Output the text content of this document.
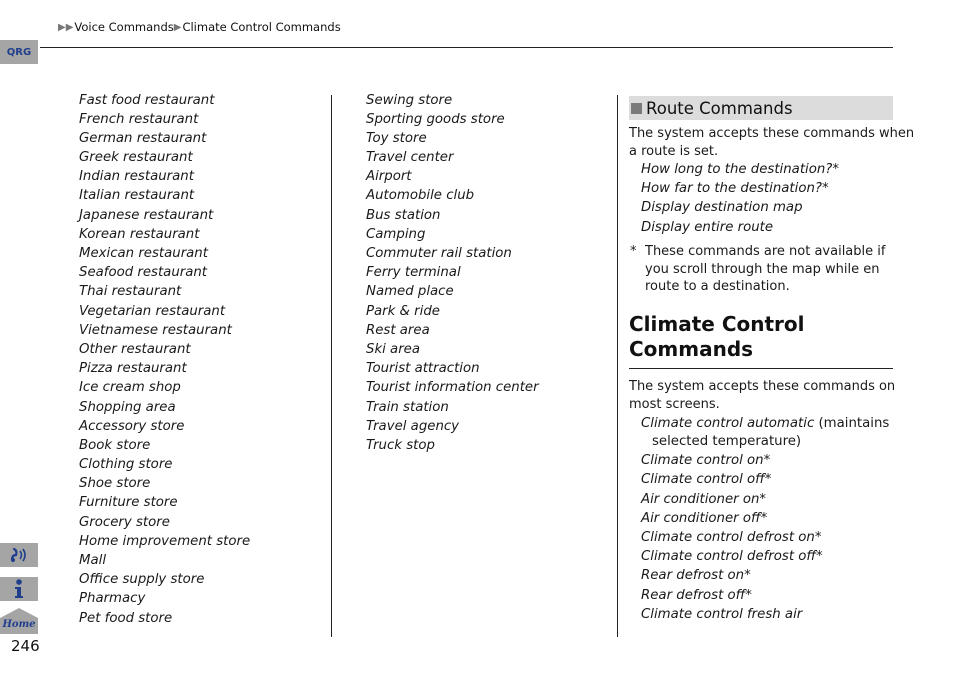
▶▶ Voice Commands ▶ Climate Control Commands
QRG
Home
246
Fast food restaurant
French restaurant
German restaurant
Greek restaurant
Indian restaurant
Italian restaurant
Japanese restaurant
Korean restaurant
Mexican restaurant
Seafood restaurant
Thai restaurant
Vegetarian restaurant
Vietnamese restaurant
Other restaurant
Pizza restaurant
Ice cream shop
Shopping area
Accessory store
Book store
Clothing store
Shoe store
Furniture store
Grocery store
Home improvement store
Mall
Office supply store
Pharmacy
Pet food store
Sewing store
Sporting goods store
Toy store
Travel center
Airport
Automobile club
Bus station
Camping
Commuter rail station
Ferry terminal
Named place
Park & ride
Rest area
Ski area
Tourist attraction
Tourist information center
Train station
Travel agency
Truck stop
Route Commands

The system accepts these commands when
a route is set.

How long to the destination?*
How far to the destination?*
Display destination map
Display entire route
* These commands are not available if
you scroll through the map while en
route to a destination.
Climate Control
Commands

The system accepts these commands on
most screens.

Climate control automatic (maintains
selected temperature)
Climate control on*
Climate control off*
Air conditioner on*
Air conditioner off*
Climate control defrost on*
Climate control defrost off*
Rear defrost on*
Rear defrost off*
Climate control fresh air
